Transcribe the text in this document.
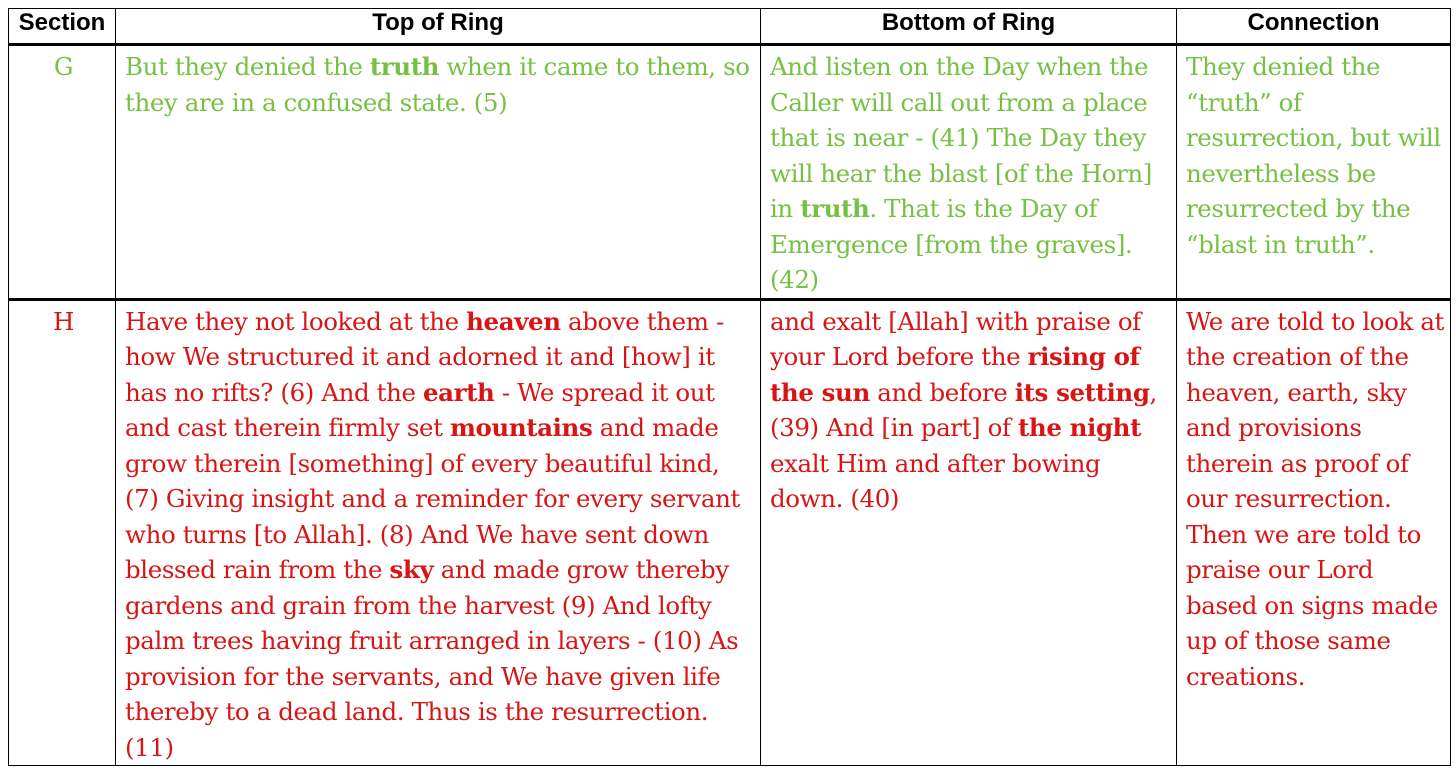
Section	Top of Ring	Bottom of Ring	Connection
G	But they denied the truth when it came to them, so they are in a confused state. (5)	And listen on the Day when the Caller will call out from a place that is near - (41) The Day they will hear the blast [of the Horn] in truth. That is the Day of Emergence [from the graves]. (42)	They denied the “truth” of resurrection, but will nevertheless be resurrected by the “blast in truth”.
H	Have they not looked at the heaven above them - how We structured it and adorned it and [how] it has no rifts? (6) And the earth - We spread it out and cast therein firmly set mountains and made grow therein [something] of every beautiful kind, (7) Giving insight and a reminder for every servant who turns [to Allah]. (8) And We have sent down blessed rain from the sky and made grow thereby gardens and grain from the harvest (9) And lofty palm trees having fruit arranged in layers - (10) As provision for the servants, and We have given life thereby to a dead land. Thus is the resurrection. (11)	and exalt [Allah] with praise of your Lord before the rising of the sun and before its setting, (39) And [in part] of the night exalt Him and after bowing down. (40)	We are told to look at the creation of the heaven, earth, sky and provisions therein as proof of our resurrection. Then we are told to praise our Lord based on signs made up of those same creations.
